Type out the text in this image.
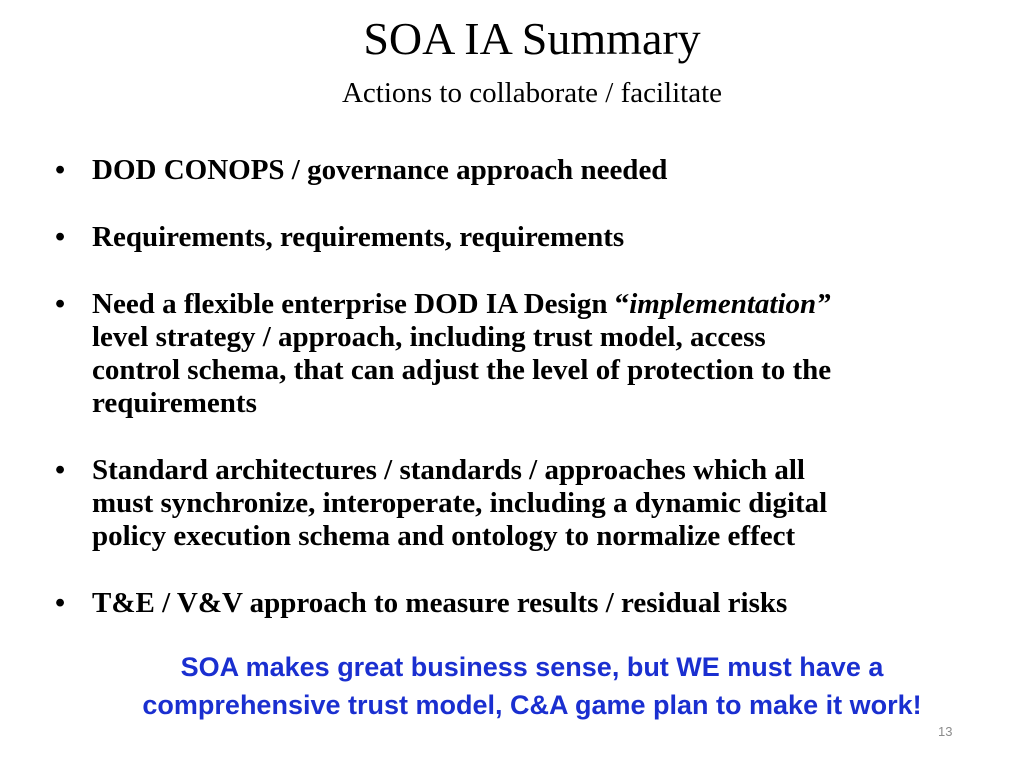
SOA IA Summary
Actions to collaborate / facilitate
• DOD CONOPS / governance approach needed
• Requirements, requirements, requirements
• Need a flexible enterprise DOD IA Design “implementation”
level strategy / approach, including trust model, access
control schema, that can adjust the level of protection to the
requirements
• Standard architectures / standards / approaches which all
must synchronize, interoperate, including a dynamic digital
policy execution schema and ontology to normalize effect
• T&E / V&V approach to measure results / residual risks
SOA makes great business sense, but WE must have a
comprehensive trust model, C&A game plan to make it work!
13
